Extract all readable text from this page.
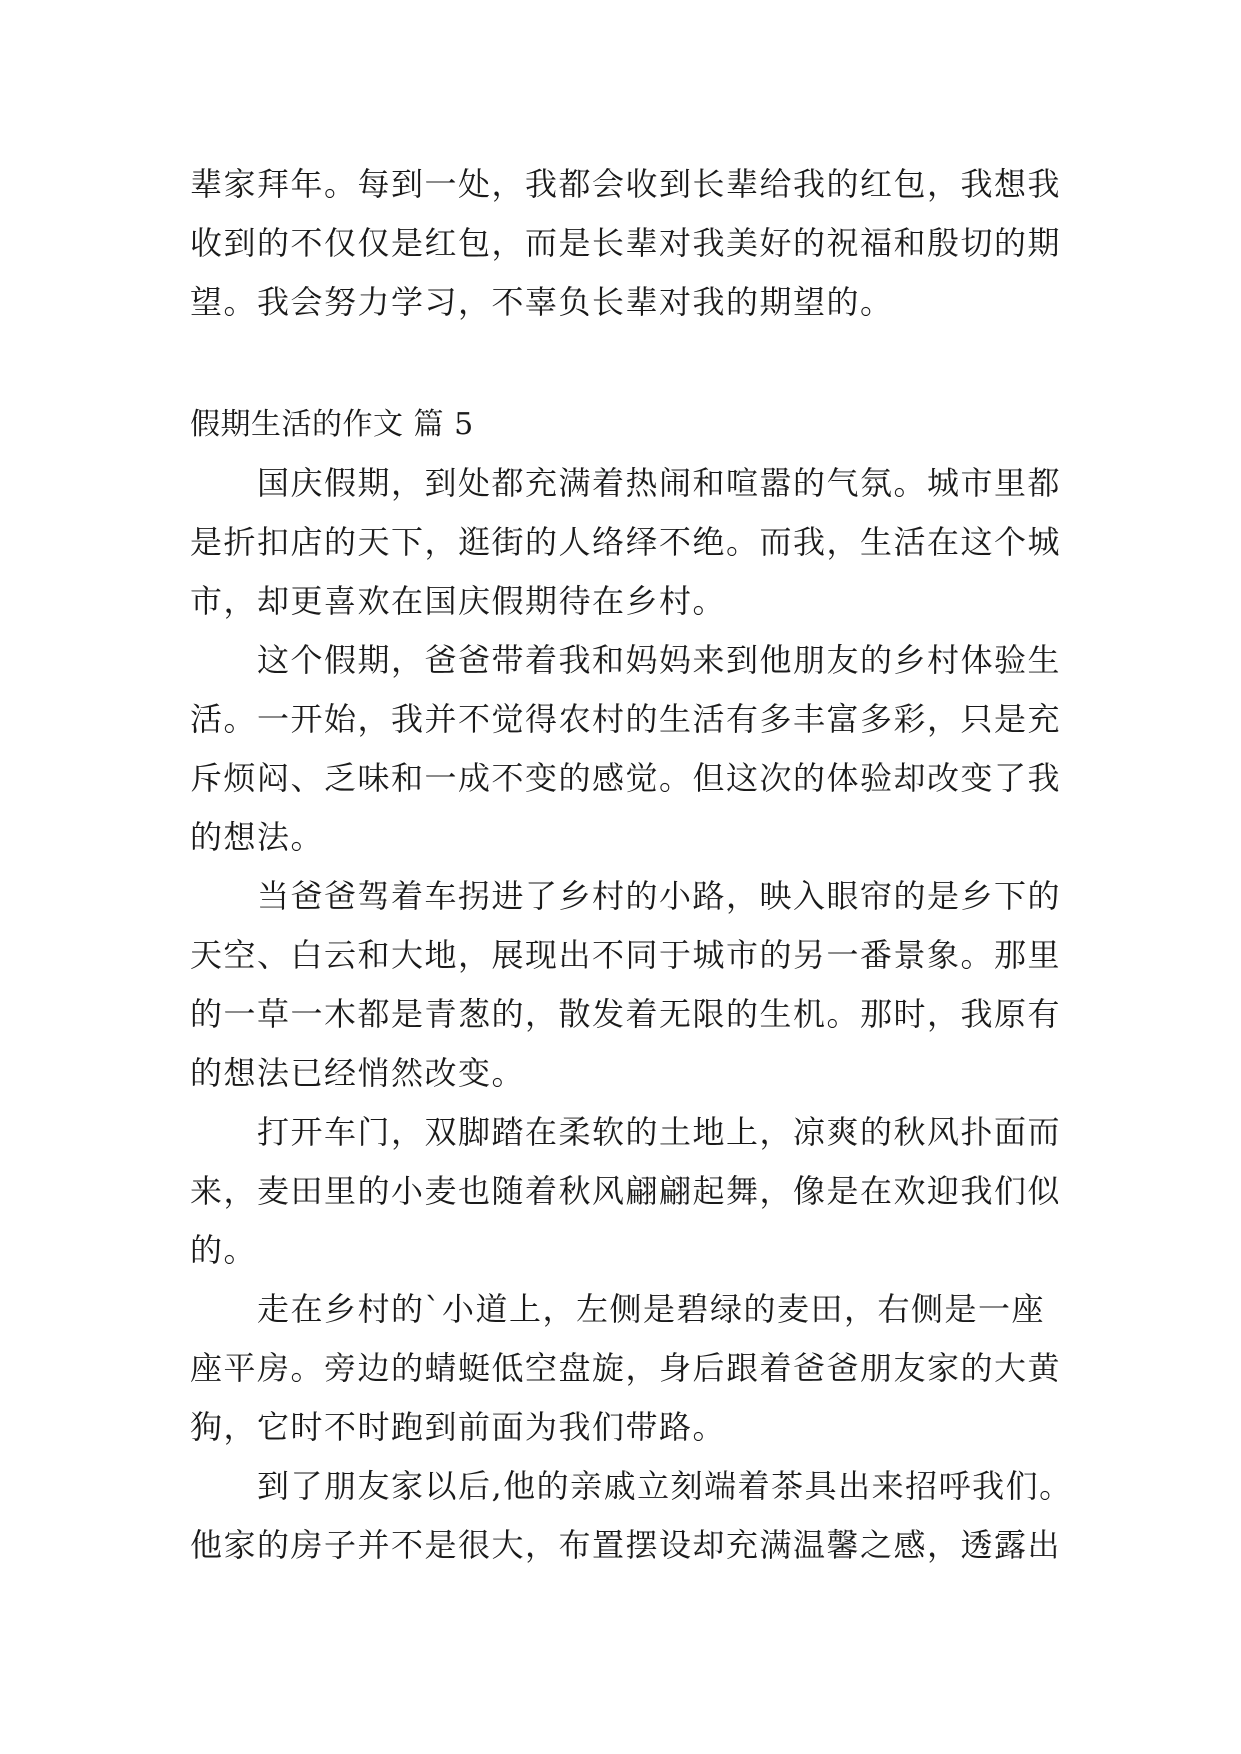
辈家拜年。每到一处，我都会收到长辈给我的红包，我想我
收到的不仅仅是红包，而是长辈对我美好的祝福和殷切的期
望。我会努力学习，不辜负长辈对我的期望的。
假期生活的作文 篇 5
　　国庆假期，到处都充满着热闹和喧嚣的气氛。城市里都
是折扣店的天下，逛街的人络绎不绝。而我，生活在这个城
市，却更喜欢在国庆假期待在乡村。
　　这个假期，爸爸带着我和妈妈来到他朋友的乡村体验生
活。一开始，我并不觉得农村的生活有多丰富多彩，只是充
斥烦闷、乏味和一成不变的感觉。但这次的体验却改变了我
的想法。
　　当爸爸驾着车拐进了乡村的小路，映入眼帘的是乡下的
天空、白云和大地，展现出不同于城市的另一番景象。那里
的一草一木都是青葱的，散发着无限的生机。那时，我原有
的想法已经悄然改变。
　　打开车门，双脚踏在柔软的土地上，凉爽的秋风扑面而
来，麦田里的小麦也随着秋风翩翩起舞，像是在欢迎我们似
的。
　　走在乡村的`小道上，左侧是碧绿的麦田，右侧是一座
座平房。旁边的蜻蜓低空盘旋，身后跟着爸爸朋友家的大黄
狗，它时不时跑到前面为我们带路。
　　到了朋友家以后,他的亲戚立刻端着茶具出来招呼我们。
他家的房子并不是很大，布置摆设却充满温馨之感，透露出
